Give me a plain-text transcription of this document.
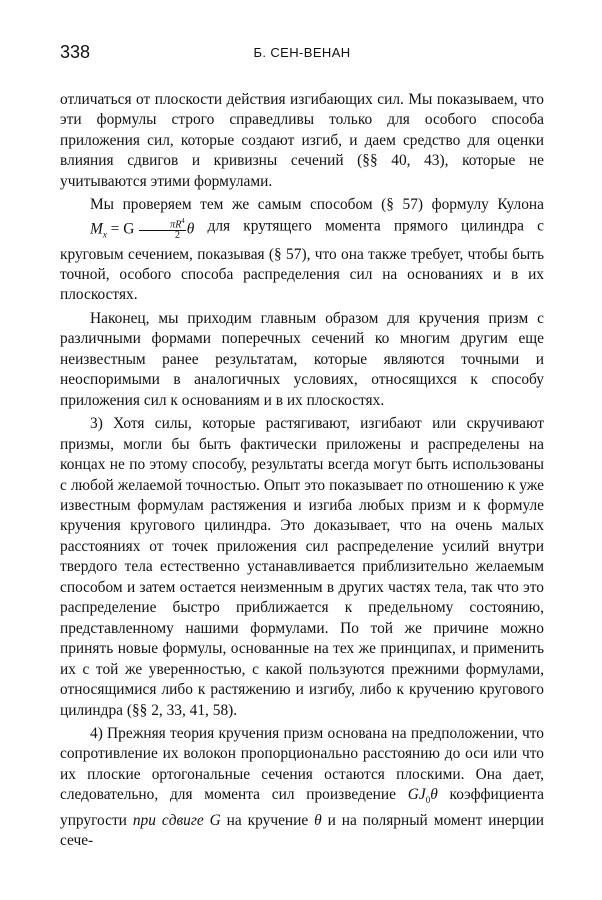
338	Б. СЕН-ВЕНАН

отличаться от плоскости действия изгибающих сил. Мы показываем, что эти формулы строго справедливы только для особого способа приложения сил, которые создают изгиб, и даем средство для оценки влияния сдвигов и кривизны сечений (§§ 40, 43), которые не учитываются этими формулами.

Мы проверяем тем же самым способом (§ 57) формулу Кулона $M_x = G \frac{\pi R^4}{2}$ θ для крутящего момента прямого цилиндра с круговым сечением, показывая (§ 57), что она также требует, чтобы быть точной, особого способа распределения сил на основаниях и в их плоскостях.

Наконец, мы приходим главным образом для кручения призм с различными формами поперечных сечений ко многим другим еще неизвестным ранее результатам, которые являются точными и неоспоримыми в аналогичных условиях, относящихся к способу приложения сил к основаниям и в их плоскостях.

3) Хотя силы, которые растягивают, изгибают или скручивают призмы, могли бы быть фактически приложены и распределены на концах не по этому способу, результаты всегда могут быть использованы с любой желаемой точностью. Опыт это показывает по отношению к уже известным формулам растяжения и изгиба любых призм и к формуле кручения кругового цилиндра. Это доказывает, что на очень малых расстояниях от точек приложения сил распределение усилий внутри твердого тела естественно устанавливается приблизительно желаемым способом и затем остается неизменным в других частях тела, так что это распределение быстро приближается к предельному состоянию, представленному нашими формулами. По той же причине можно принять новые формулы, основанные на тех же принципах, и применить их с той же уверенностью, с какой пользуются прежними формулами, относящимися либо к растяжению и изгибу, либо к кручению кругового цилиндра (§§ 2, 33, 41, 58).

4) Прежняя теория кручения призм основана на предположении, что сопротивление их волокон пропорционально расстоянию до оси или что их плоские ортогональные сечения остаются плоскими. Она дает, следовательно, для момента сил произведение $GJ_0\theta$ коэффициента упругости при сдвиге G на кручение θ и на полярный момент инерции сече-
